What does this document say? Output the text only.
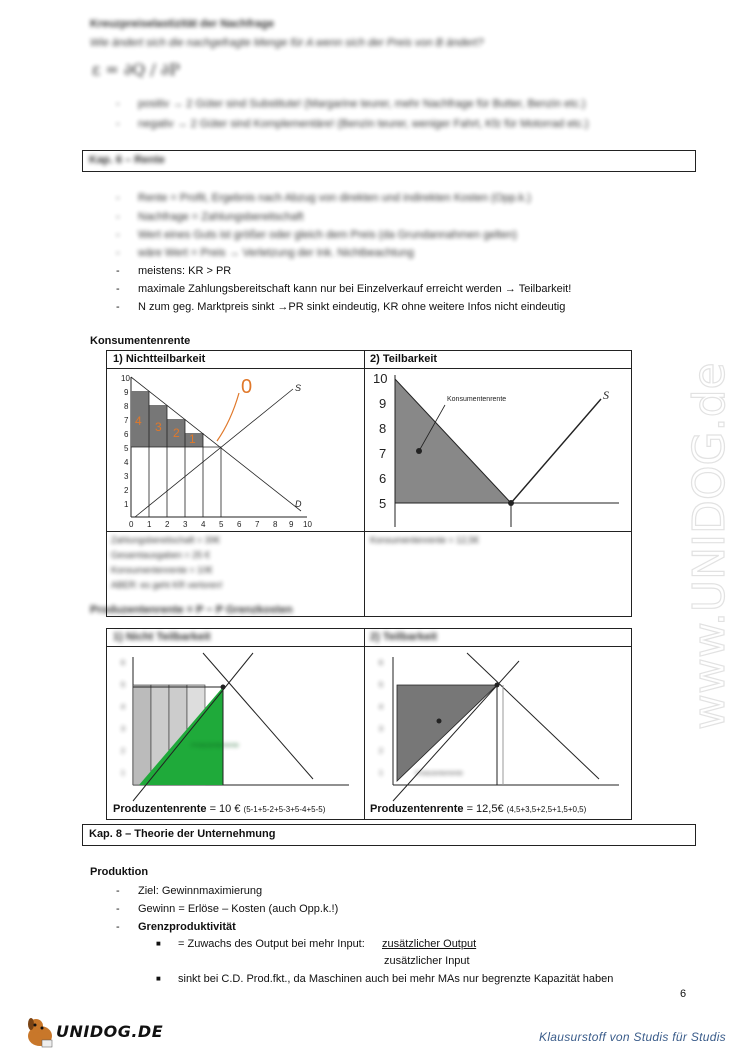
Kreuzpreiselastizität der Nachfrage
Wie ändert sich die nachgefragte Menge für A wenn sich der Preis von B ändert?
ε = ∂Q / ∂P
- positiv → 2 Güter sind Substitute! (Margarine teurer, mehr Nachfrage für Butter, Benzin etc.)
- negativ → 2 Güter sind Komplementäre! (Benzin teurer, weniger Fahrt, Kfz für Motorrad etc.)
Kap. 6 – Rente
- Rente = Profit, Ergebnis nach Abzug von direkten und indirekten Kosten (Opp.k.)
- Nachfrage = Zahlungsbereitschaft
- Wert eines Guts ist größer oder gleich dem Preis (da Grundannahmen gelten)
- wäre Wert = Preis → Verletzung der Ink. Nichtbeachtung
- meistens: KR > PR
- maximale Zahlungsbereitschaft kann nur bei Einzelverkauf erreicht werden → Teilbarkeit!
- N zum geg. Marktpreis sinkt →PR sinkt eindeutig, KR ohne weitere Infos nicht eindeutig
Konsumentenrente
1) Nichtteilbarkeit	2) Teilbarkeit
10
9
8
7
6
5
4
3
2
1
0 1 2 3 4 5 6 7 8 9 10
S
D
4 3 2 1
0	10
9
8
7
6
5
Konsumentenrente	S
Zahlungsbereitschaft = 39€
Gesamtausgaben = 25 €
Konsumentenrente = 10€
ABER: es geht KR verloren!
Konsumentenrente = 12,5€
Produzentenrente = P − P Grenzkosten
1) Nicht Teilbarkeit	2) Teilbarkeit
6
5
4
3
2
1
Produzentenrente
6
5
4
3
2
1	Produzentenrente
Produzentenrente = 10 € (5-1+5-2+5-3+5-4+5-5)	Produzentenrente = 12,5€ (4,5+3,5+2,5+1,5+0,5)
Kap. 8 – Theorie der Unternehmung
Produktion
- Ziel: Gewinnmaximierung
- Gewinn = Erlöse – Kosten (auch Opp.k.!)
- Grenzproduktivität
■ = Zuwachs des Output bei mehr Input: zusätzlicher Output
zusätzlicher Input
■ sinkt bei C.D. Prod.fkt., da Maschinen auch bei mehr MAs nur begrenzte Kapazität haben
6
UNIDOG.DE	Klausurstoff von Studis für Studis
www.UNIDOG.de
